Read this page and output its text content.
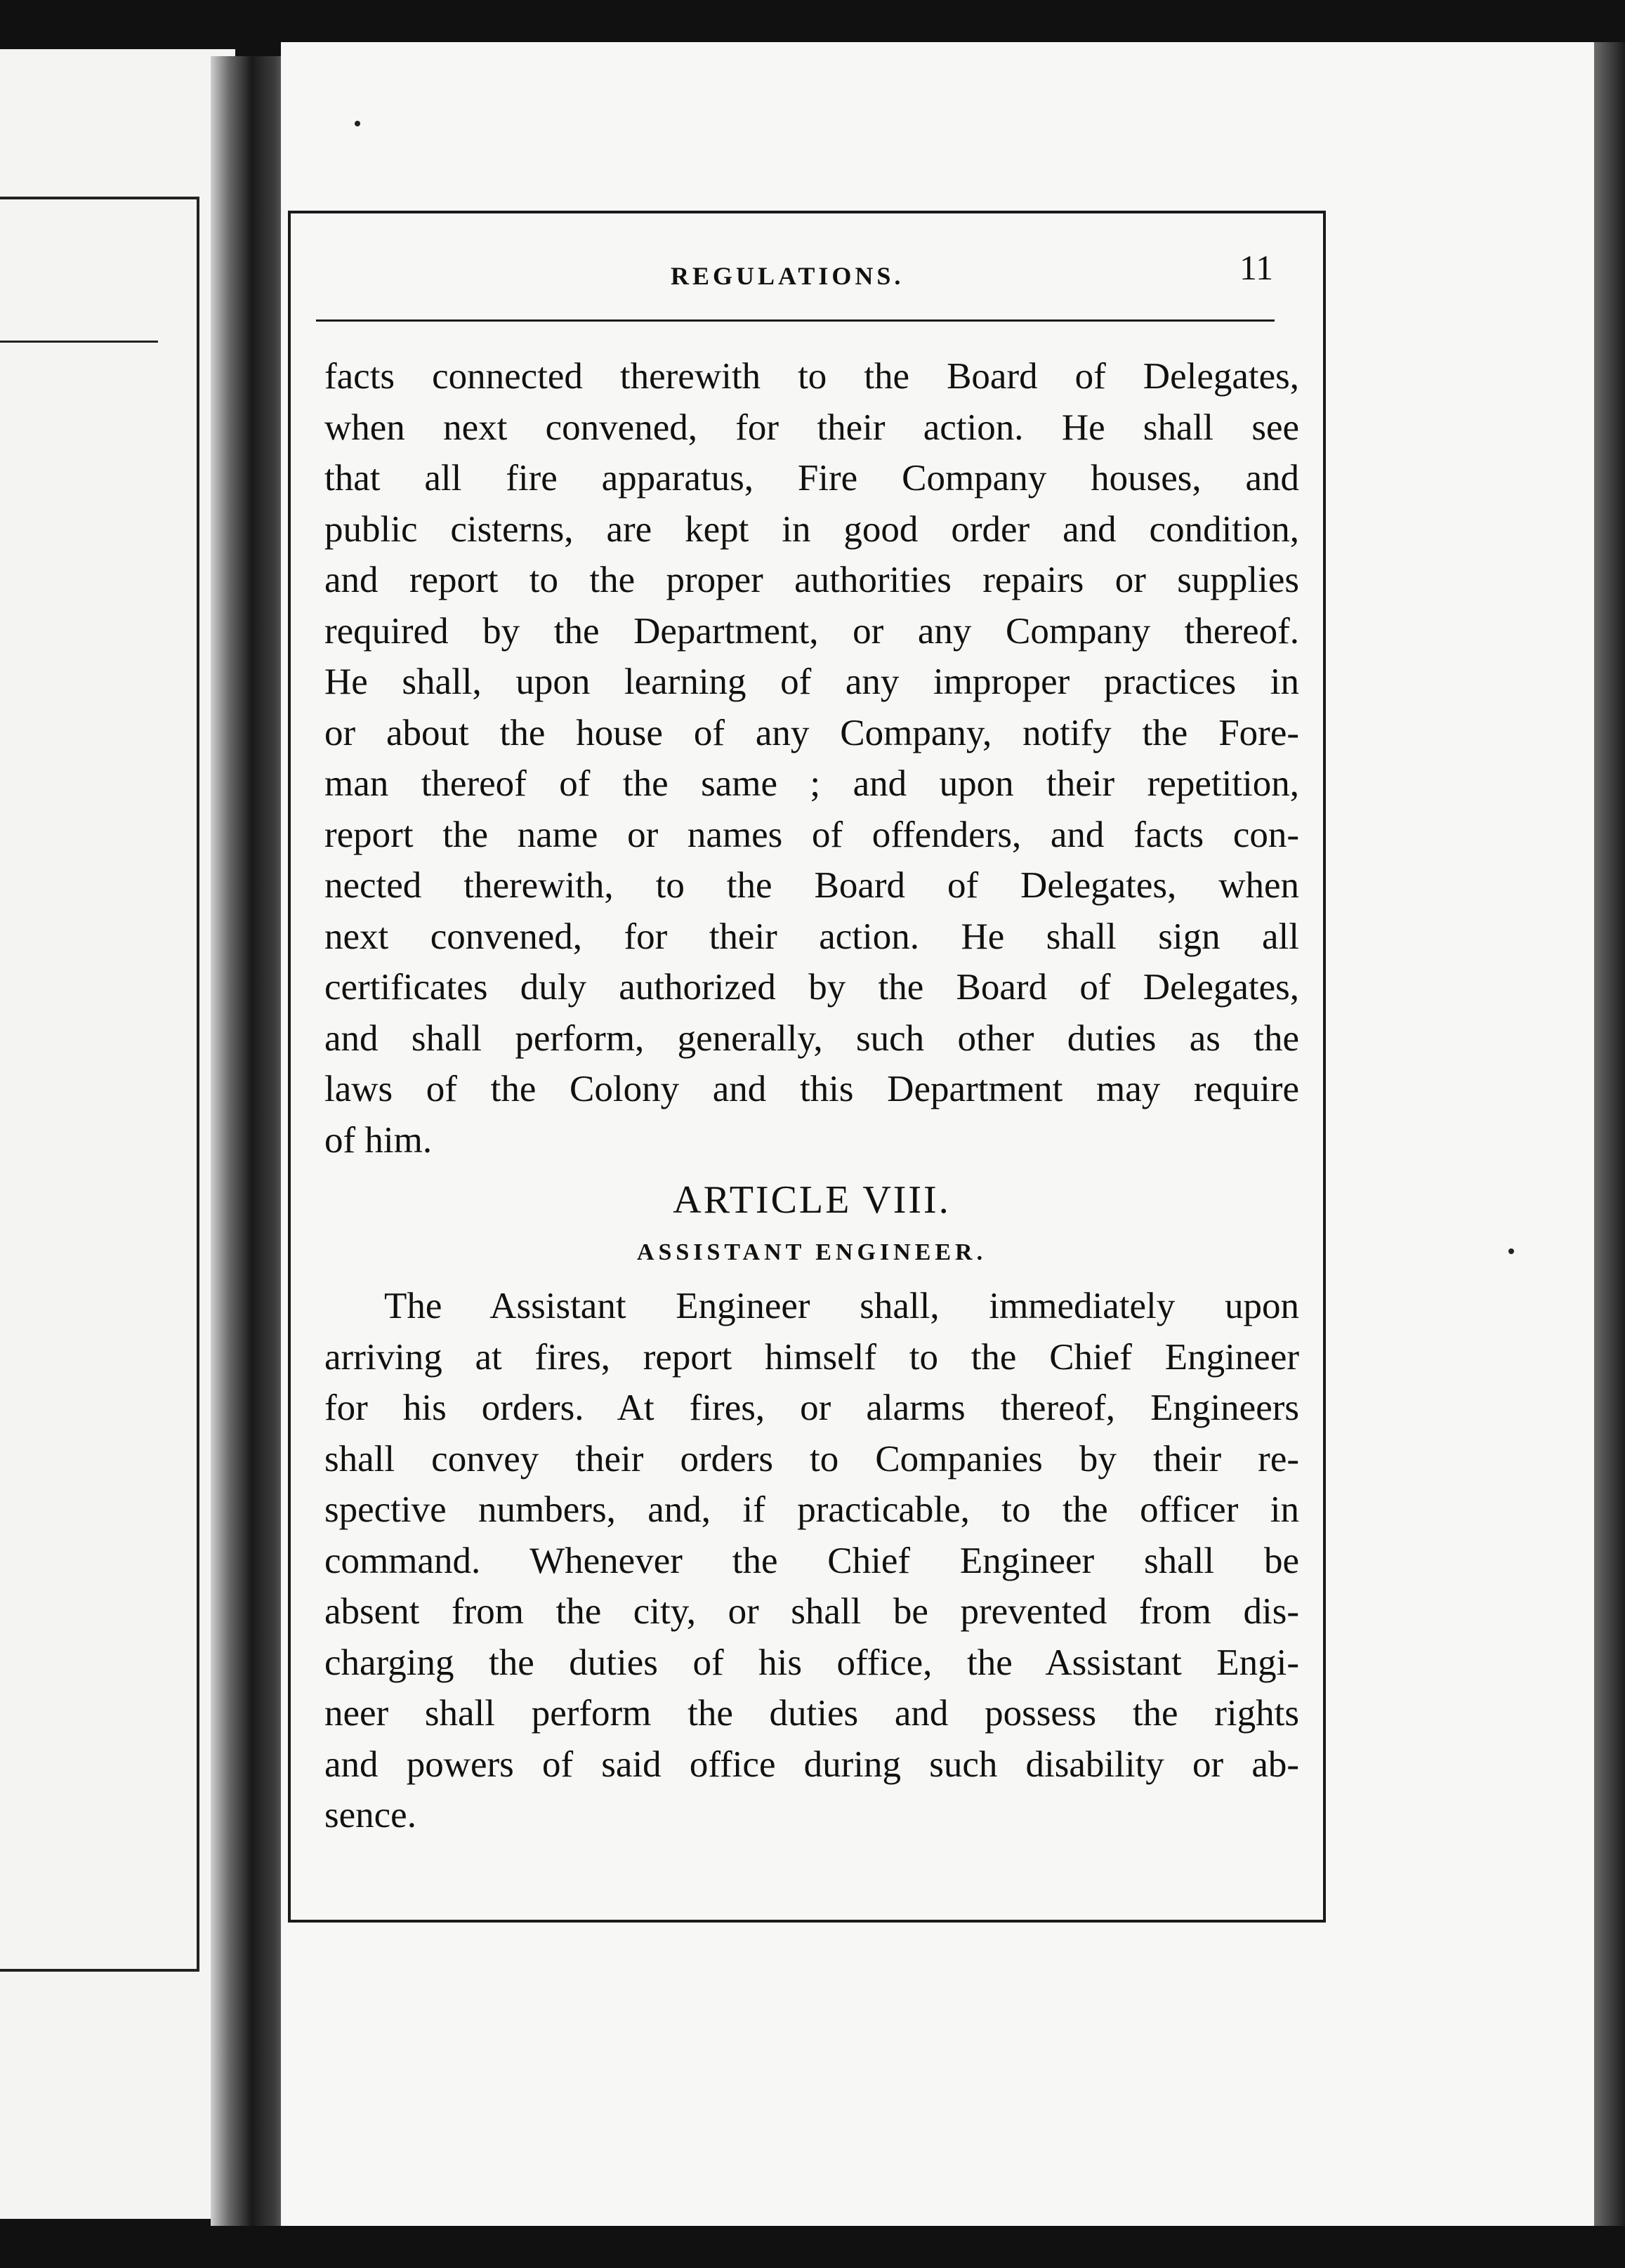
REGULATIONS.	11
facts connected therewith to the Board of Delegates,
when next convened, for their action. He shall see
that all fire apparatus, Fire Company houses, and
public cisterns, are kept in good order and condition,
and report to the proper authorities repairs or supplies
required by the Department, or any Company thereof.
He shall, upon learning of any improper practices in
or about the house of any Company, notify the Fore-
man thereof of the same ; and upon their repetition,
report the name or names of offenders, and facts con-
nected therewith, to the Board of Delegates, when
next convened, for their action. He shall sign all
certificates duly authorized by the Board of Delegates,
and shall perform, generally, such other duties as the
laws of the Colony and this Department may require
of him.
ARTICLE VIII.
ASSISTANT ENGINEER.
The Assistant Engineer shall, immediately upon
arriving at fires, report himself to the Chief Engineer
for his orders. At fires, or alarms thereof, Engineers
shall convey their orders to Companies by their re-
spective numbers, and, if practicable, to the officer in
command. Whenever the Chief Engineer shall be
absent from the city, or shall be prevented from dis-
charging the duties of his office, the Assistant Engi-
neer shall perform the duties and possess the rights
and powers of said office during such disability or ab-
sence.
